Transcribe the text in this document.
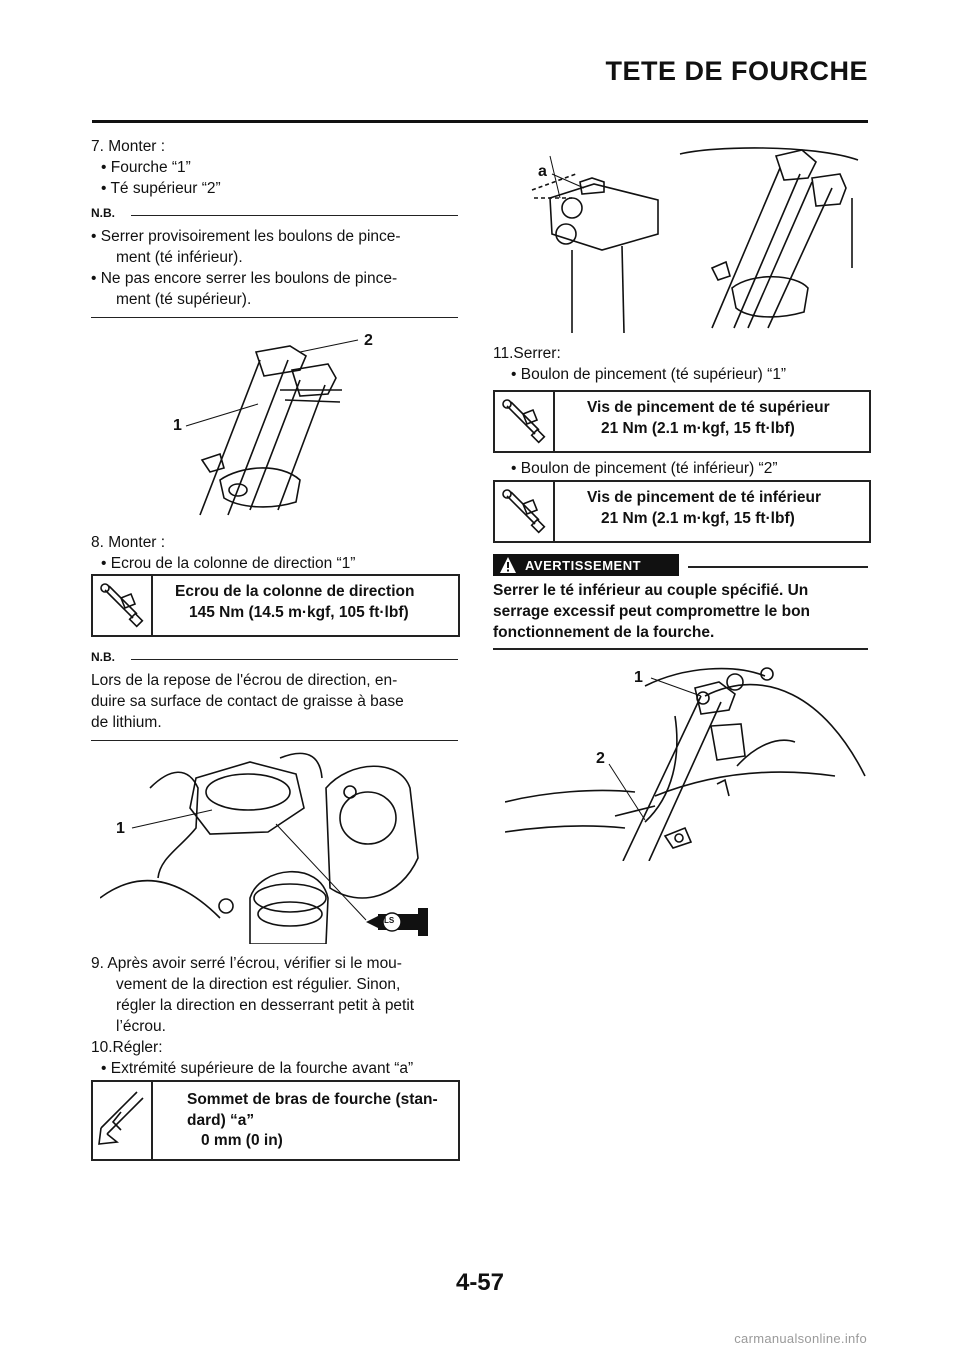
TETE DE FOURCHE
7. Monter :
• Fourche “1”
• Té supérieur “2”
N.B.
• Serrer provisoirement les boulons de pince-
ment (té inférieur).
• Ne pas encore serrer les boulons de pince-
ment (té supérieur).
1
2
8. Monter :
• Ecrou de la colonne de direction “1”
Ecrou de la colonne de direction
145 Nm (14.5 m·kgf, 105 ft·lbf)
N.B.
Lors de la repose de l'écrou de direction, en-
duire sa surface de contact de graisse à base
de lithium.
1
LS
9. Après avoir serré l’écrou, vérifier si le mou-
vement de la direction est régulier. Sinon,
régler la direction en desserrant petit à petit
l’écrou.
10.Régler:
• Extrémité supérieure de la fourche avant “a”
Sommet de bras de fourche (stan-
dard) “a”
0 mm (0 in)
a
11.Serrer:
• Boulon de pincement (té supérieur) “1”
Vis de pincement de té supérieur
21 Nm (2.1 m·kgf, 15 ft·lbf)
• Boulon de pincement (té inférieur) “2”
Vis de pincement de té inférieur
21 Nm (2.1 m·kgf, 15 ft·lbf)
AVERTISSEMENT
Serrer le té inférieur au couple spécifié. Un
serrage excessif peut compromettre le bon
fonctionnement de la fourche.
1
2
4-57
carmanualsonline.info
